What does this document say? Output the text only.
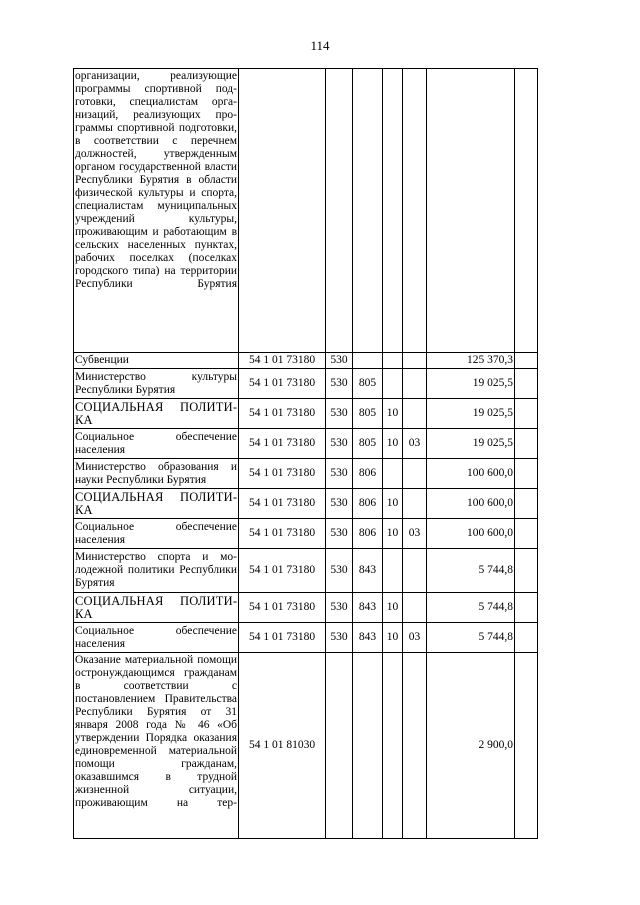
114
организации, реализующие программы спортивной подготовки, специалистам организаций, реализующих программы спортивной подготовки, в соответствии с перечнем должностей, утвержденным органом государственной власти Республики Бурятия в области физической культуры и спорта, специалистам муниципальных учреждений культуры, проживающим и работающим в сельских населенных пунктах, рабочих поселках (поселках городского типа) на территории Республики Бурятия							
Субвенции	54 1 01 73180	530				125 370,3	
Министерство культуры Республики Бурятия	54 1 01 73180	530	805			19 025,5	
СОЦИАЛЬНАЯ ПОЛИТИКА	54 1 01 73180	530	805	10		19 025,5	
Социальное обеспечение населения	54 1 01 73180	530	805	10	03	19 025,5	
Министерство образования и науки Республики Бурятия	54 1 01 73180	530	806			100 600,0	
СОЦИАЛЬНАЯ ПОЛИТИКА	54 1 01 73180	530	806	10		100 600,0	
Социальное обеспечение населения	54 1 01 73180	530	806	10	03	100 600,0	
Министерство спорта и молодежной политики Республики Бурятия	54 1 01 73180	530	843			5 744,8	
СОЦИАЛЬНАЯ ПОЛИТИКА	54 1 01 73180	530	843	10		5 744,8	
Социальное обеспечение населения	54 1 01 73180	530	843	10	03	5 744,8	
Оказание материальной помощи остронуждающимся гражданам в соответствии с постановлением Правительства Республики Бурятия от 31 января 2008 года № 46 «Об утверждении Порядка оказания единовременной материальной помощи гражданам, оказавшимся в трудной жизненной ситуации, проживающим на тер-	54 1 01 81030					2 900,0	
